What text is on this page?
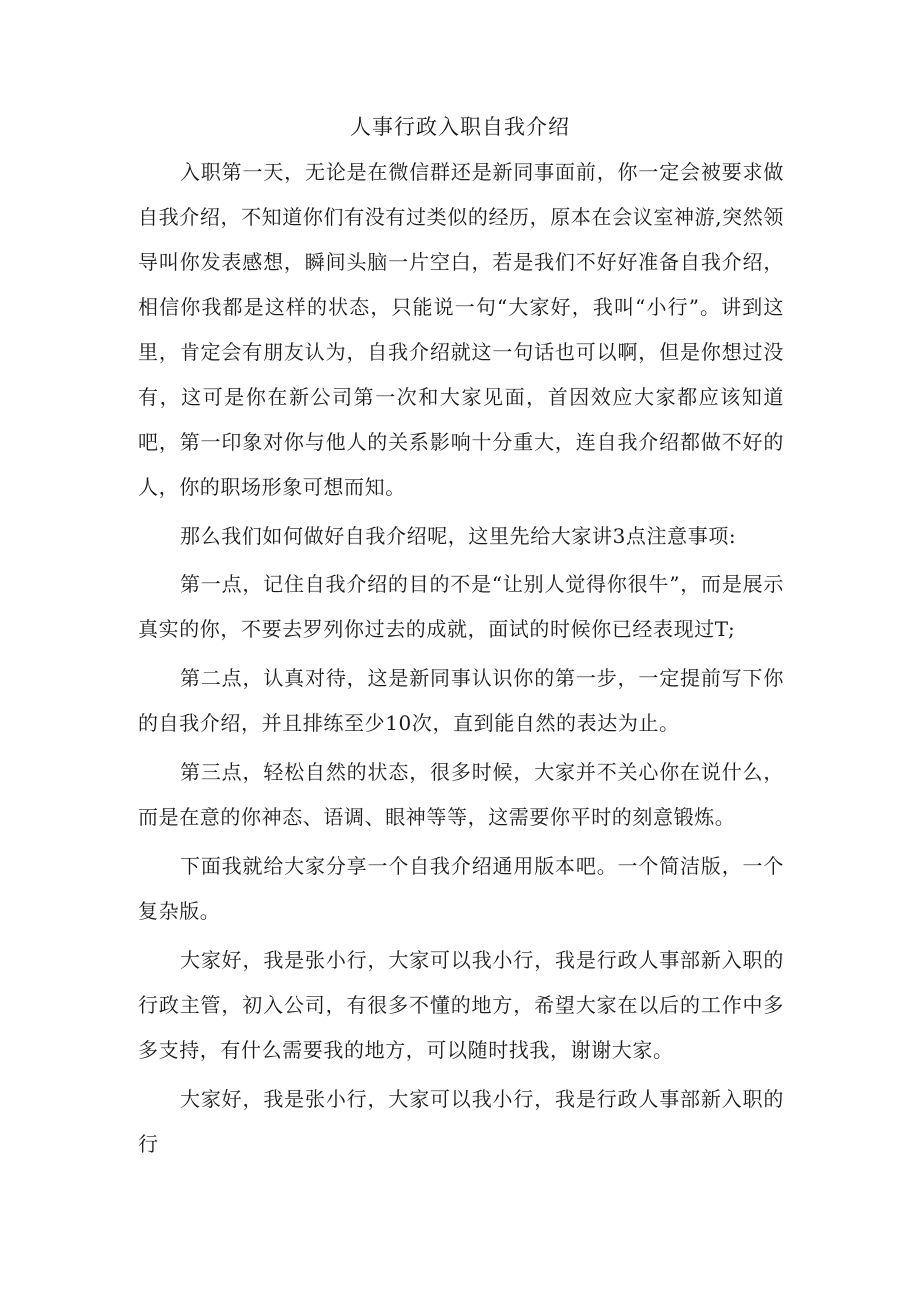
人事行政入职自我介绍

入职第一天，无论是在微信群还是新同事面前，你一定会被要求做自我介绍，不知道你们有没有过类似的经历，原本在会议室神游,突然领导叫你发表感想，瞬间头脑一片空白，若是我们不好好准备自我介绍，相信你我都是这样的状态，只能说一句“大家好，我叫“小行”。讲到这里，肯定会有朋友认为，自我介绍就这一句话也可以啊，但是你想过没有，这可是你在新公司第一次和大家见面，首因效应大家都应该知道吧，第一印象对你与他人的关系影响十分重大，连自我介绍都做不好的人，你的职场形象可想而知。

那么我们如何做好自我介绍呢，这里先给大家讲3点注意事项:

第一点，记住自我介绍的目的不是“让别人觉得你很牛”，而是展示真实的你，不要去罗列你过去的成就，面试的时候你已经表现过T;

第二点，认真对待，这是新同事认识你的第一步，一定提前写下你的自我介绍，并且排练至少10次，直到能自然的表达为止。

第三点，轻松自然的状态，很多时候，大家并不关心你在说什么，而是在意的你神态、语调、眼神等等，这需要你平时的刻意锻炼。

下面我就给大家分享一个自我介绍通用版本吧。一个简洁版，一个复杂版。

大家好，我是张小行，大家可以我小行，我是行政人事部新入职的行政主管，初入公司，有很多不懂的地方，希望大家在以后的工作中多多支持，有什么需要我的地方，可以随时找我，谢谢大家。

大家好，我是张小行，大家可以我小行，我是行政人事部新入职的行
